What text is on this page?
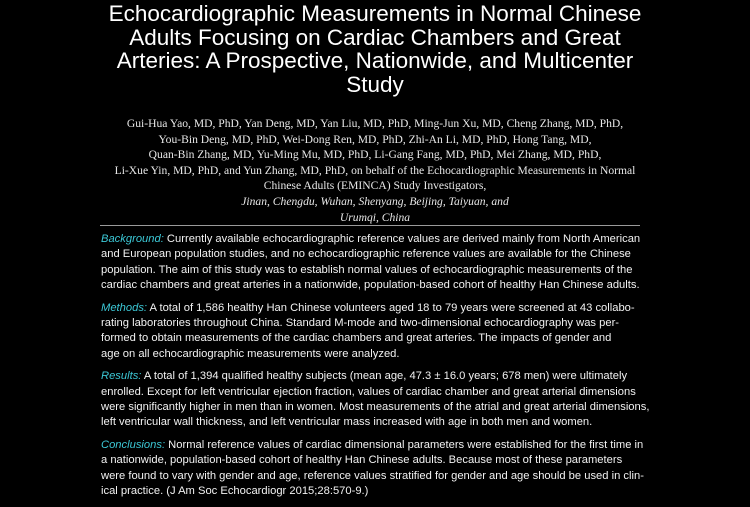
Echocardiographic Measurements in Normal Chinese
Adults Focusing on Cardiac Chambers and Great
Arteries: A Prospective, Nationwide, and Multicenter
Study
Gui-Hua Yao, MD, PhD, Yan Deng, MD, Yan Liu, MD, PhD, Ming-Jun Xu, MD, Cheng Zhang, MD, PhD,
You-Bin Deng, MD, PhD, Wei-Dong Ren, MD, PhD, Zhi-An Li, MD, PhD, Hong Tang, MD,
Quan-Bin Zhang, MD, Yu-Ming Mu, MD, PhD, Li-Gang Fang, MD, PhD, Mei Zhang, MD, PhD,
Li-Xue Yin, MD, PhD, and Yun Zhang, MD, PhD, on behalf of the Echocardiographic Measurements in Normal
Chinese Adults (EMINCA) Study Investigators,
Jinan, Chengdu, Wuhan, Shenyang, Beijing, Taiyuan, and
Urumqi, China

Background: Currently available echocardiographic reference values are derived mainly from North American
and European population studies, and no echocardiographic reference values are available for the Chinese
population. The aim of this study was to establish normal values of echocardiographic measurements of the
cardiac chambers and great arteries in a nationwide, population-based cohort of healthy Han Chinese adults.

Methods: A total of 1,586 healthy Han Chinese volunteers aged 18 to 79 years were screened at 43 collabo-
rating laboratories throughout China. Standard M-mode and two-dimensional echocardiography was per-
formed to obtain measurements of the cardiac chambers and great arteries. The impacts of gender and
age on all echocardiographic measurements were analyzed.

Results: A total of 1,394 qualified healthy subjects (mean age, 47.3 ± 16.0 years; 678 men) were ultimately
enrolled. Except for left ventricular ejection fraction, values of cardiac chamber and great arterial dimensions
were significantly higher in men than in women. Most measurements of the atrial and great arterial dimensions,
left ventricular wall thickness, and left ventricular mass increased with age in both men and women.

Conclusions: Normal reference values of cardiac dimensional parameters were established for the first time in
a nationwide, population-based cohort of healthy Han Chinese adults. Because most of these parameters
were found to vary with gender and age, reference values stratified for gender and age should be used in clin-
ical practice. (J Am Soc Echocardiogr 2015;28:570-9.)
